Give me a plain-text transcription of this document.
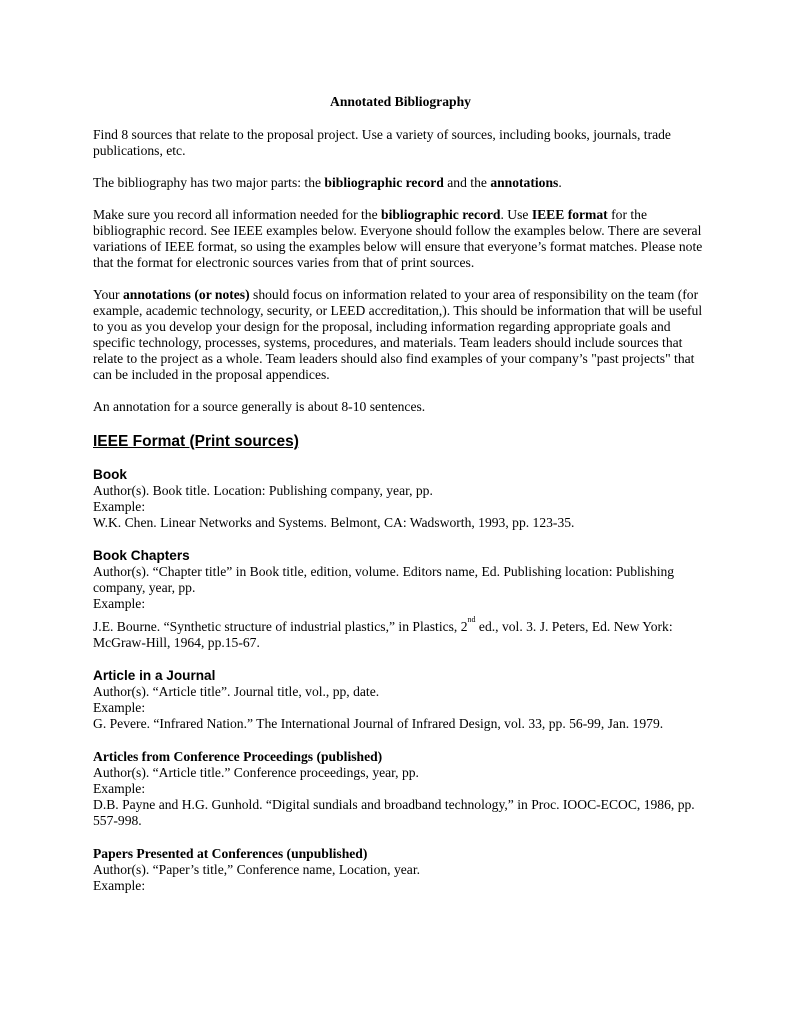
Annotated Bibliography

Find 8 sources that relate to the proposal project. Use a variety of sources, including books, journals, trade publications, etc.

The bibliography has two major parts: the bibliographic record and the annotations.

Make sure you record all information needed for the bibliographic record. Use IEEE format for the bibliographic record. See IEEE examples below. Everyone should follow the examples below. There are several variations of IEEE format, so using the examples below will ensure that everyone’s format matches. Please note that the format for electronic sources varies from that of print sources.

Your annotations (or notes) should focus on information related to your area of responsibility on the team (for example, academic technology, security, or LEED accreditation,). This should be information that will be useful to you as you develop your design for the proposal, including information regarding appropriate goals and specific technology, processes, systems, procedures, and materials. Team leaders should include sources that relate to the project as a whole. Team leaders should also find examples of your company’s "past projects" that can be included in the proposal appendices.

An annotation for a source generally is about 8-10 sentences.

IEEE Format (Print sources)
Book
Author(s). Book title. Location: Publishing company, year, pp.
Example:
W.K. Chen. Linear Networks and Systems. Belmont, CA: Wadsworth, 1993, pp. 123-35.
Book Chapters
Author(s). “Chapter title” in Book title, edition, volume. Editors name, Ed. Publishing location: Publishing company, year, pp.
Example:
J.E. Bourne. “Synthetic structure of industrial plastics,” in Plastics, 2nd ed., vol. 3. J. Peters, Ed. New York: McGraw-Hill, 1964, pp.15-67.
Article in a Journal
Author(s). “Article title”. Journal title, vol., pp, date.
Example:
G. Pevere. “Infrared Nation.” The International Journal of Infrared Design, vol. 33, pp. 56-99, Jan. 1979.
Articles from Conference Proceedings (published)
Author(s). “Article title.” Conference proceedings, year, pp.
Example:
D.B. Payne and H.G. Gunhold. “Digital sundials and broadband technology,” in Proc. IOOC-ECOC, 1986, pp. 557-998.
Papers Presented at Conferences (unpublished)
Author(s). “Paper’s title,” Conference name, Location, year.
Example:
